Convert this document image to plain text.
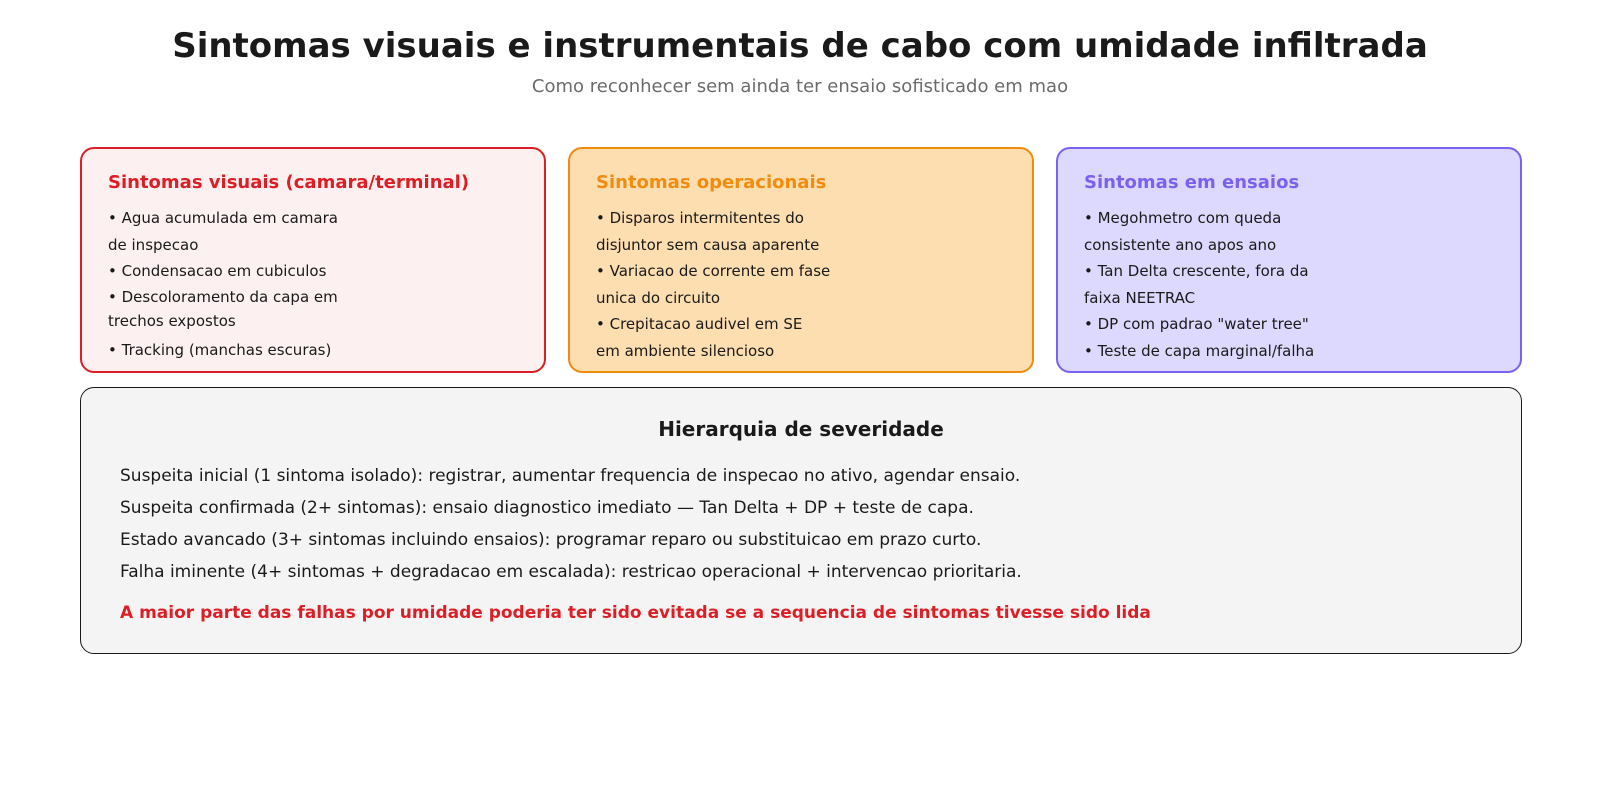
Sintomas visuais e instrumentais de cabo com umidade infiltrada
Como reconhecer sem ainda ter ensaio sofisticado em mao
Sintomas visuais (camara/terminal)
• Agua acumulada em camara
de inspecao
• Condensacao em cubiculos
• Descoloramento da capa em
trechos expostos
• Tracking (manchas escuras)
Sintomas operacionais
• Disparos intermitentes do
disjuntor sem causa aparente
• Variacao de corrente em fase
unica do circuito
• Crepitacao audivel em SE
em ambiente silencioso
Sintomas em ensaios
• Megohmetro com queda
consistente ano apos ano
• Tan Delta crescente, fora da
faixa NEETRAC
• DP com padrao "water tree"
• Teste de capa marginal/falha
Hierarquia de severidade
Suspeita inicial (1 sintoma isolado): registrar, aumentar frequencia de inspecao no ativo, agendar ensaio.
Suspeita confirmada (2+ sintomas): ensaio diagnostico imediato — Tan Delta + DP + teste de capa.
Estado avancado (3+ sintomas incluindo ensaios): programar reparo ou substituicao em prazo curto.
Falha iminente (4+ sintomas + degradacao em escalada): restricao operacional + intervencao prioritaria.
A maior parte das falhas por umidade poderia ter sido evitada se a sequencia de sintomas tivesse sido lida
